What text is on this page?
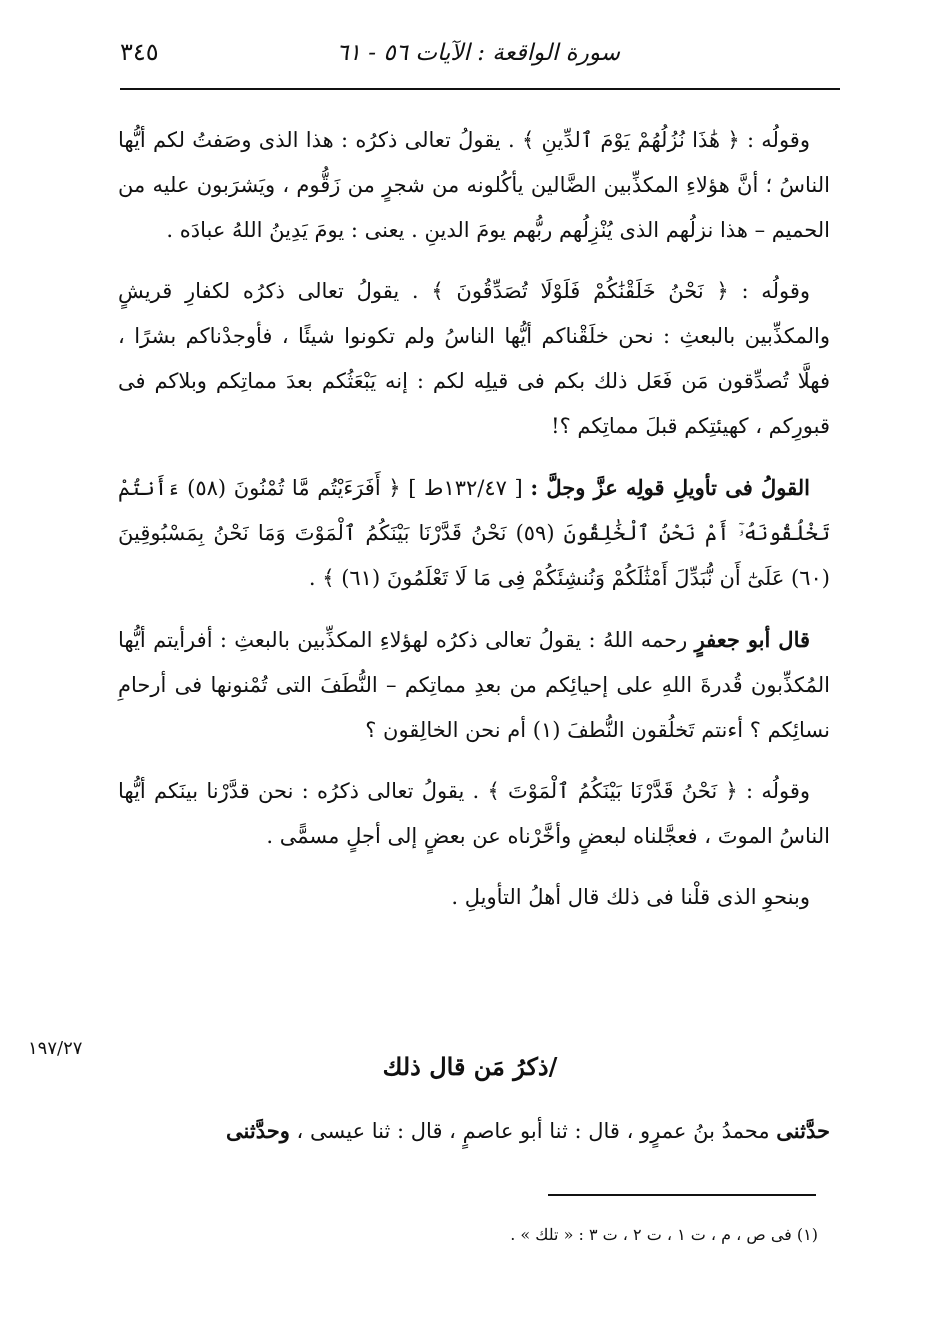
٣٤٥	سورة الواقعة : الآيات ٥٦ - ٦١

وقولُه : ﴿ هَٰذَا نُزُلُهُمْ يَوْمَ ٱلدِّينِ ﴾ . يقولُ تعالى ذكرُه : هذا الذى وصَفتُ لكم أيُّها الناسُ ؛ أنَّ هؤلاءِ المكذِّبين الضَّالين يأكُلونه من شجرٍ من زَقُّوم ، ويَشرَبون عليه من الحميم – هذا نزلُهم الذى يُنْزِلُهم ربُّهم يومَ الدينِ . يعنى : يومَ يَدِينُ اللهُ عبادَه .

وقولُه : ﴿ نَحْنُ خَلَقْنَٰكُمْ فَلَوْلَا تُصَدِّقُونَ ﴾ . يقولُ تعالى ذكرُه لكفارِ قريشٍ والمكذِّبين بالبعثِ : نحن خلَقْناكم أيُّها الناسُ ولم تكونوا شيئًا ، فأوجدْناكم بشرًا ، فهلَّا تُصدِّقون مَن فَعَل ذلك بكم فى قيلِه لكم : إنه يَبْعَثُكم بعدَ مماتِكم وبلاكم فى قبورِكم ، كهيئتِكم قبلَ مماتِكم ؟!

القولُ فى تأويلِ قولِه عزَّ وجلَّ : [ ١٣٢/٤٧ط ] ﴿ أَفَرَءَيْتُم مَّا تُمْنُونَ (٥٨) ءَأَنتُمْ تَخْلُقُونَهُۥٓ أَمْ نَحْنُ ٱلْخَٰلِقُونَ (٥٩) نَحْنُ قَدَّرْنَا بَيْنَكُمُ ٱلْمَوْتَ وَمَا نَحْنُ بِمَسْبُوقِينَ (٦٠) عَلَىٰٓ أَن نُّبَدِّلَ أَمْثَٰلَكُمْ وَنُنشِئَكُمْ فِى مَا لَا تَعْلَمُونَ (٦١) ﴾ .

قال أبو جعفرٍ رحمه اللهُ : يقولُ تعالى ذكرُه لهؤلاءِ المكذِّبين بالبعثِ : أفرأيتم أيُّها المُكذِّبون قُدرةَ اللهِ على إحيائِكم من بعدِ مماتِكم – النُّطَفَ التى تُمْنونها فى أرحامِ نسائِكم ؟ أءنتم تَخلُقون النُّطفَ (١) أم نحن الخالِقون ؟

وقولُه : ﴿ نَحْنُ قَدَّرْنَا بَيْنَكُمُ ٱلْمَوْتَ ﴾ . يقولُ تعالى ذكرُه : نحن قدَّرْنا بينَكم أيُّها الناسُ الموتَ ، فعجَّلناه لبعضٍ وأخَّرْناه عن بعضٍ إلى أجلٍ مسمًّى .

وبنحوِ الذى قلْنا فى ذلك قال أهلُ التأويلِ .

١٩٧/٢٧
/ذكرُ مَن قال ذلك
حدَّثنى محمدُ بنُ عمرٍو ، قال : ثنا أبو عاصمٍ ، قال : ثنا عيسى ، وحدَّثنى
(١) فى ص ، م ، ت ١ ، ت ٢ ، ت ٣ : « تلك » .
